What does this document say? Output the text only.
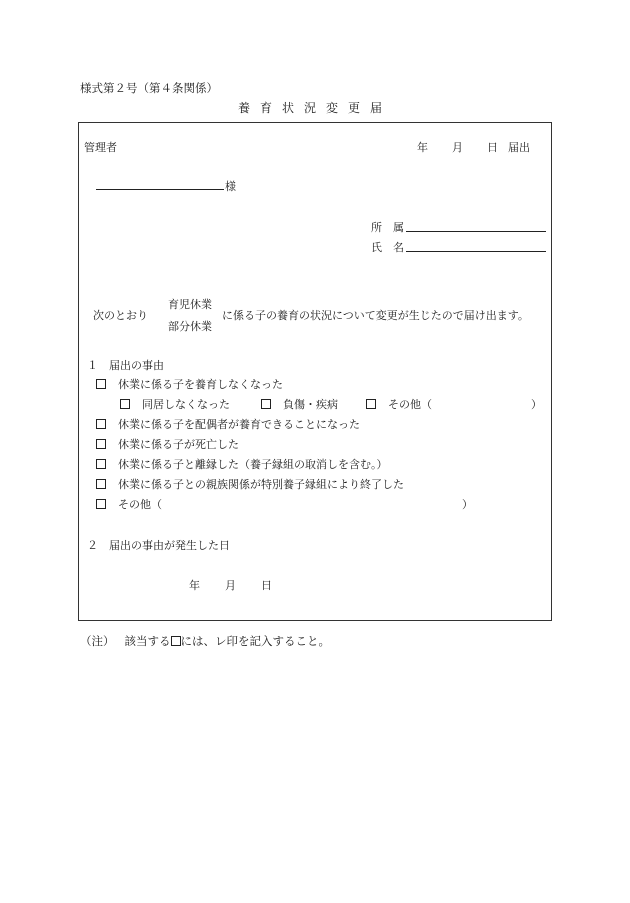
様式第２号（第４条関係）
養育状況変更届
管理者	年 月 日 届出
様
所　属
氏　名
次のとおり
育児休業
部分休業
に係る子の養育の状況について変更が生じたので届け出ます。
１　届出の事由
休業に係る子を養育しなくなった
同居しなくなった	負傷・疾病	その他（	）
休業に係る子を配偶者が養育できることになった
休業に係る子が死亡した
休業に係る子と離縁した（養子縁組の取消しを含む。）
休業に係る子との親族関係が特別養子縁組により終了した
その他（	）
２　届出の事由が発生した日
年 月 日
（注） 該当する には、レ印を記入すること。
